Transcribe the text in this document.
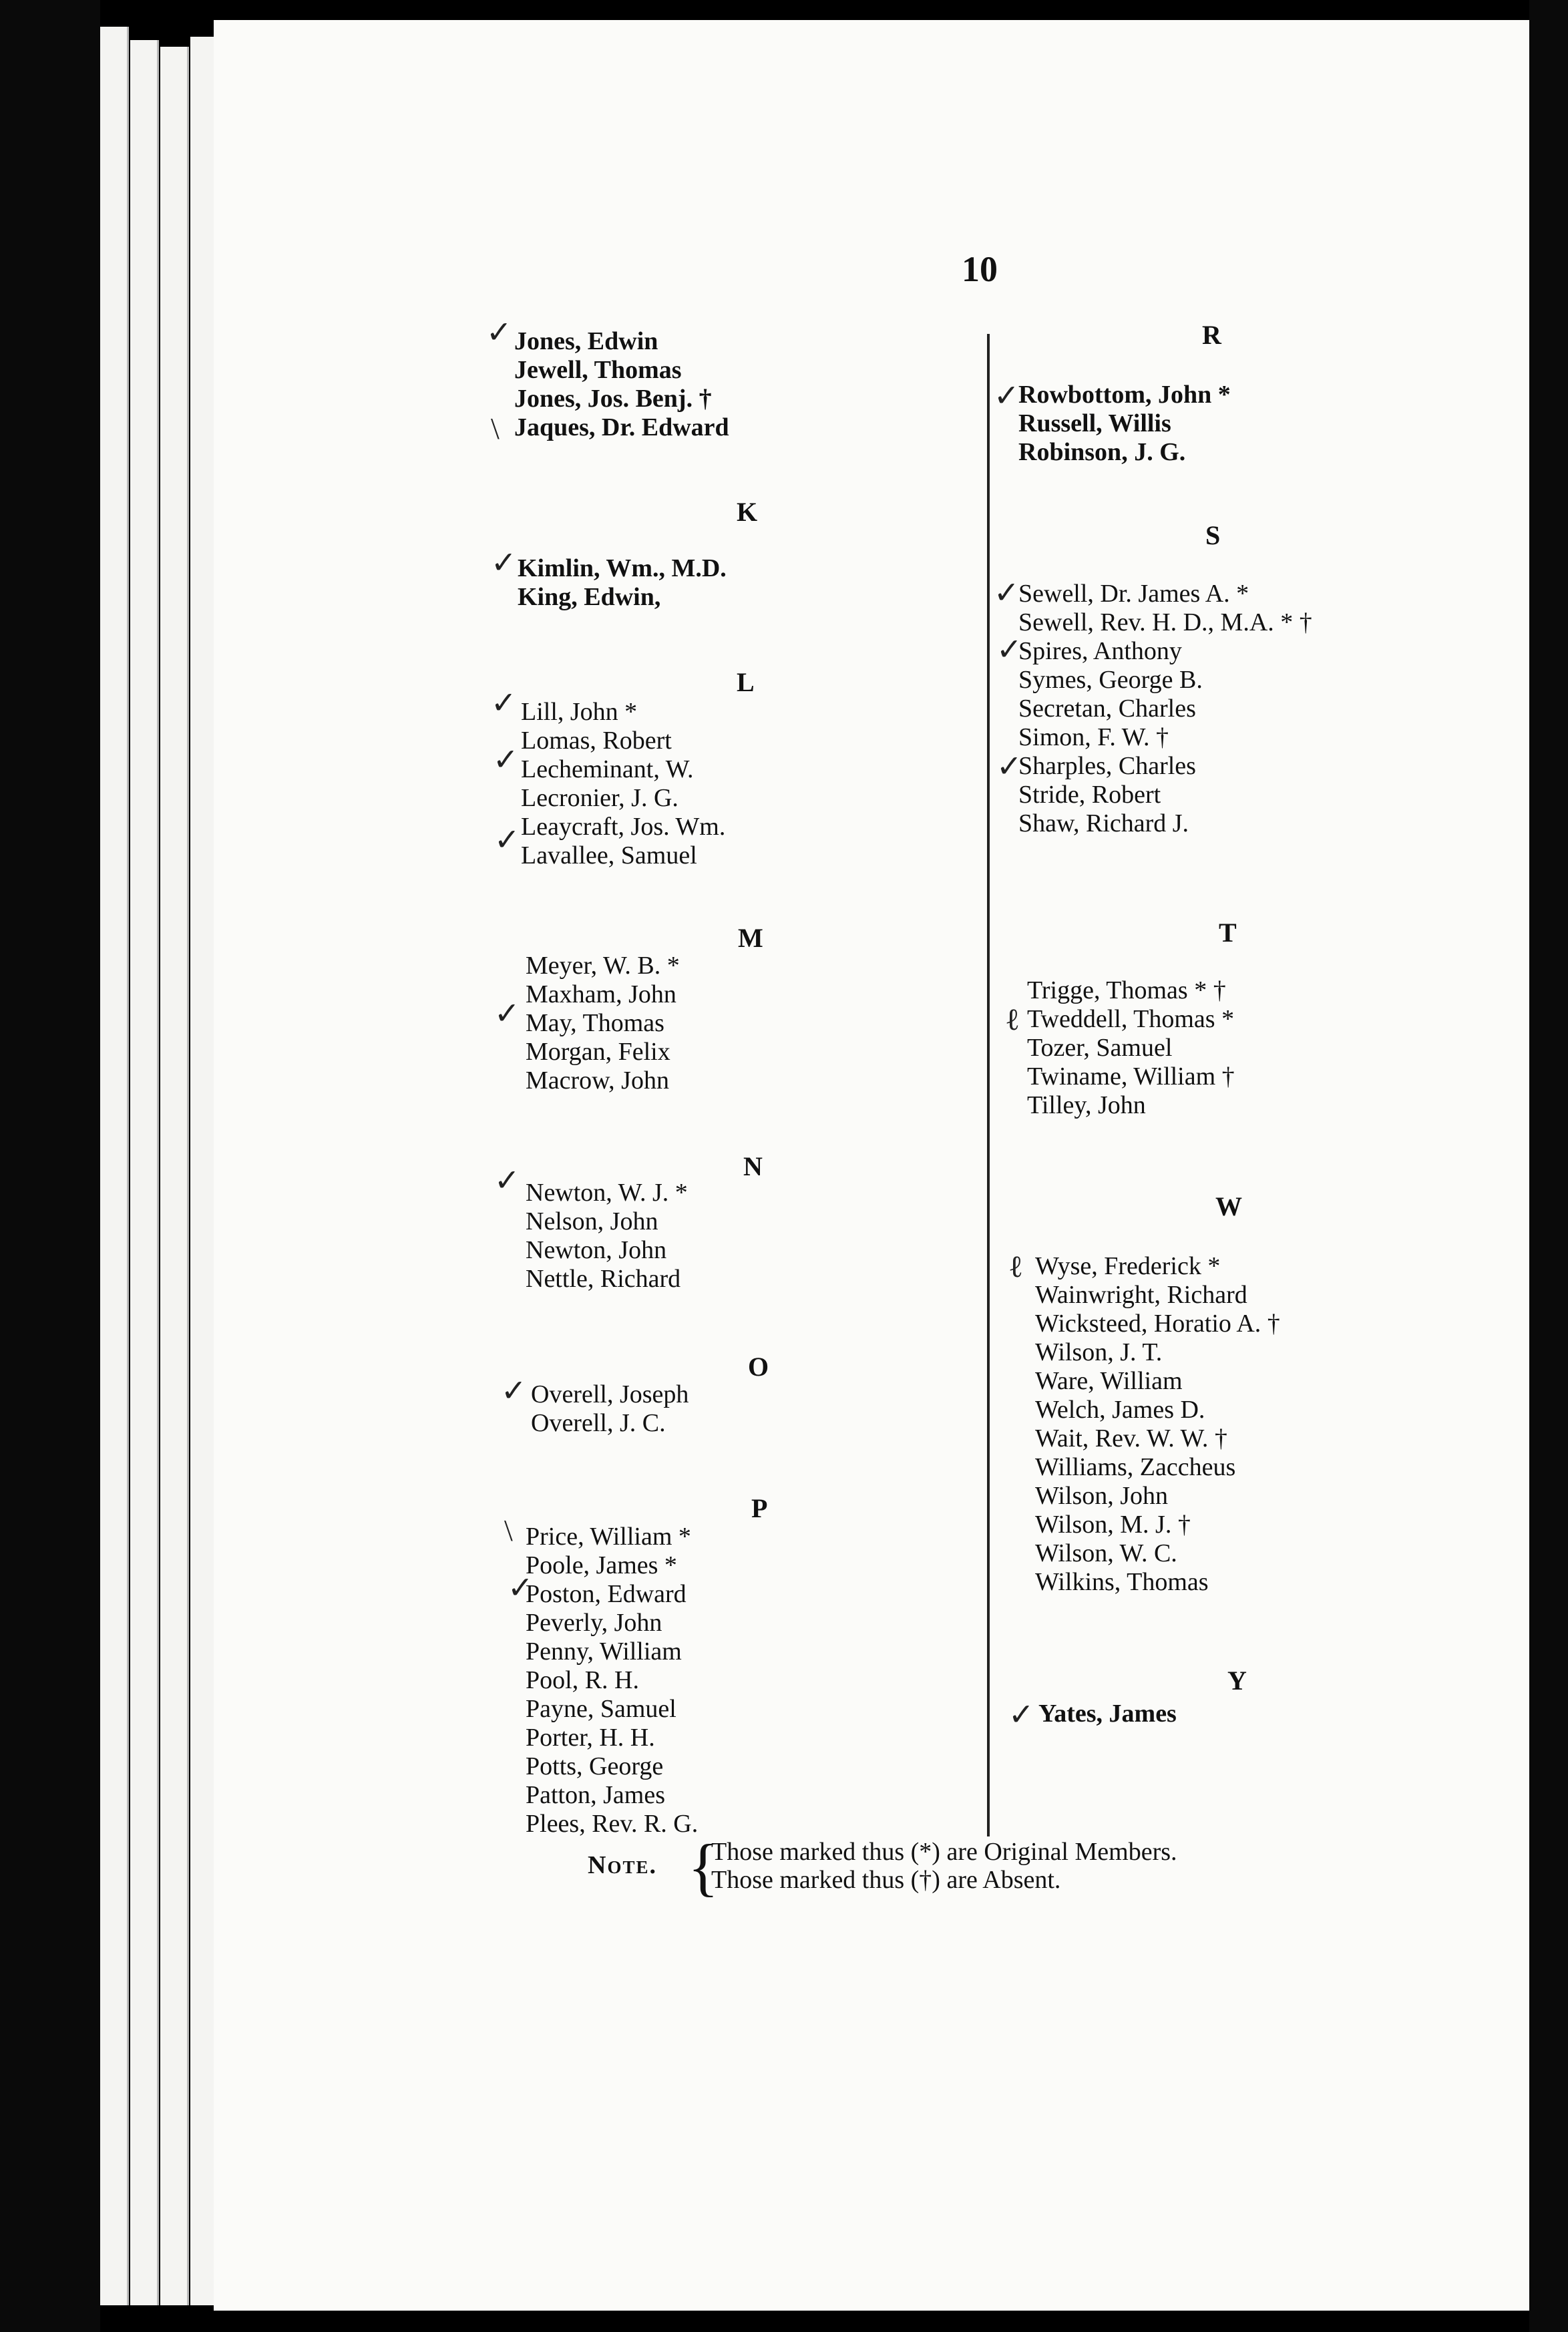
10
Jones, Edwin
Jewell, Thomas
Jones, Jos. Benj. †
Jaques, Dr. Edward
K
Kimlin, Wm., M.D.
King, Edwin,
L
Lill, John *
Lomas, Robert
Lecheminant, W.
Lecronier, J. G.
Leaycraft, Jos. Wm.
Lavallee, Samuel
M
Meyer, W. B. *
Maxham, John
May, Thomas
Morgan, Felix
Macrow, John
N
Newton, W. J. *
Nelson, John
Newton, John
Nettle, Richard
O
Overell, Joseph
Overell, J. C.
P
Price, William *
Poole, James *
Poston, Edward
Peverly, John
Penny, William
Pool, R. H.
Payne, Samuel
Porter, H. H.
Potts, George
Patton, James
Plees, Rev. R. G.
R
Rowbottom, John *
Russell, Willis
Robinson, J. G.
S
Sewell, Dr. James A. *
Sewell, Rev. H. D., M.A. * †
Spires, Anthony
Symes, George B.
Secretan, Charles
Simon, F. W. †
Sharples, Charles
Stride, Robert
Shaw, Richard J.
T
Trigge, Thomas * †
Tweddell, Thomas *
Tozer, Samuel
Twiname, William †
Tilley, John
W
Wyse, Frederick *
Wainwright, Richard
Wicksteed, Horatio A. †
Wilson, J. T.
Ware, William
Welch, James D.
Wait, Rev. W. W. †
Williams, Zaccheus
Wilson, John
Wilson, M. J. †
Wilson, W. C.
Wilkins, Thomas
Y
Yates, James
✓
\
✓
✓
✓
✓
✓
✓
✓
\
✓
✓
✓
✓
✓
ℓ
ℓ
✓
Note. {
Those marked thus (*) are Original Members.
Those marked thus (†) are Absent.
